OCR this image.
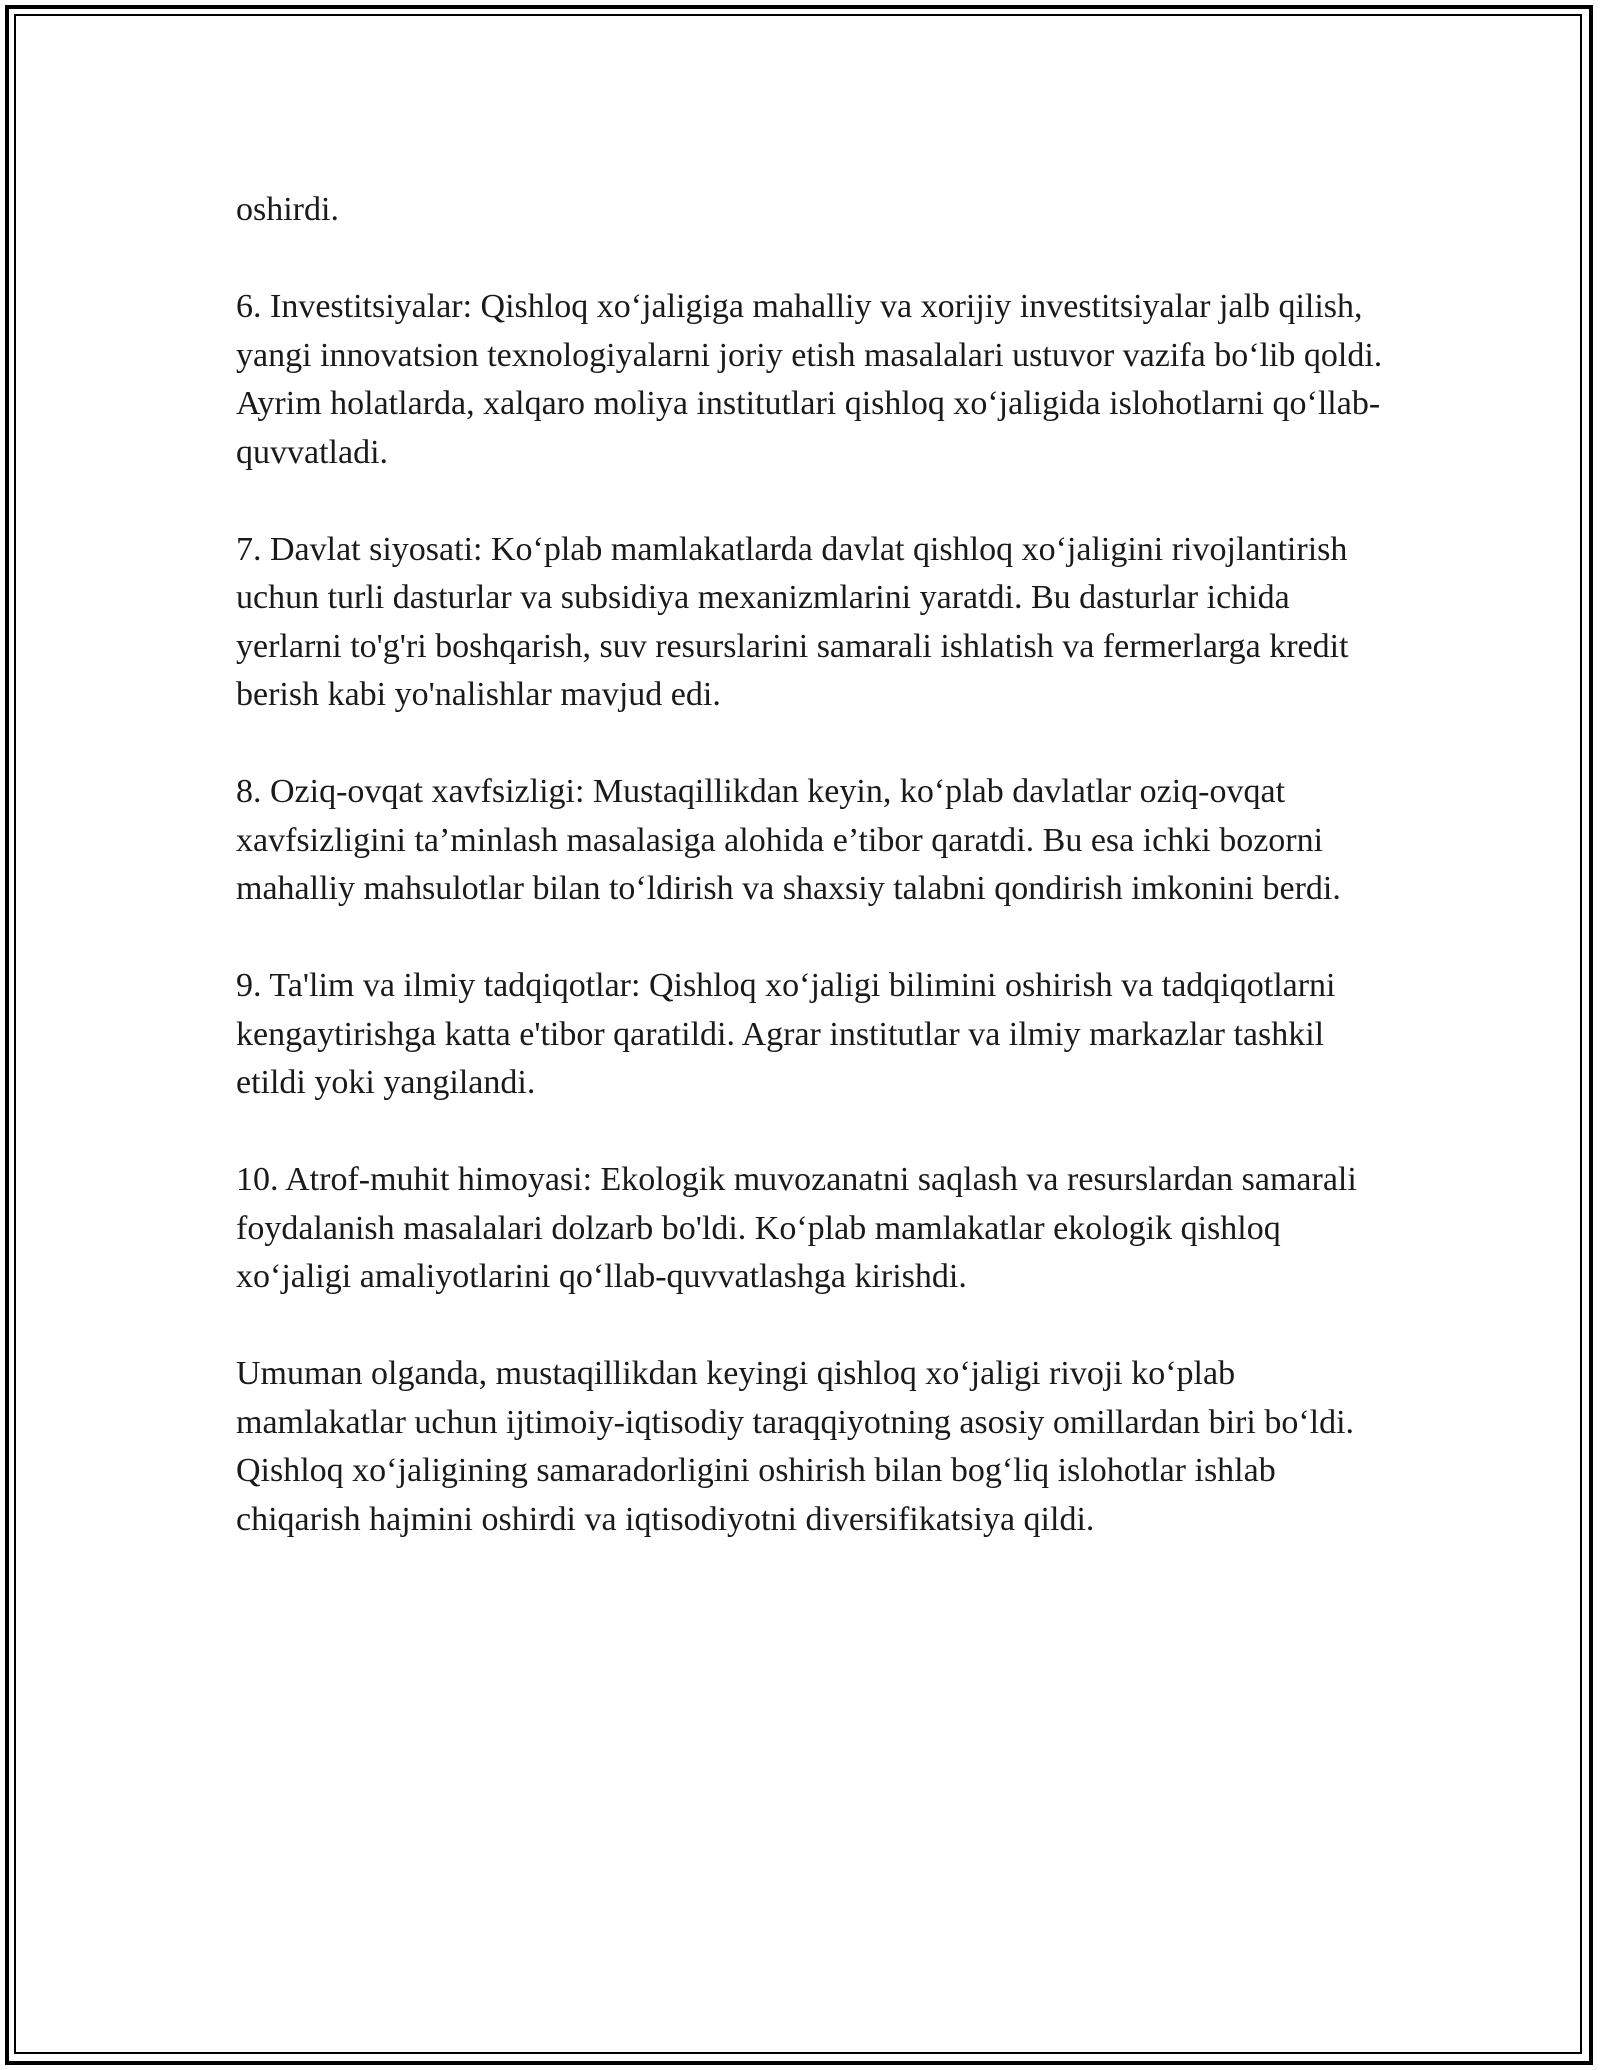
oshirdi.

6. Investitsiyalar: Qishloq xo‘jaligiga mahalliy va xorijiy investitsiyalar jalb qilish, yangi innovatsion texnologiyalarni joriy etish masalalari ustuvor vazifa bo‘lib qoldi. Ayrim holatlarda, xalqaro moliya institutlari qishloq xo‘jaligida islohotlarni qo‘llab-quvvatladi.

7. Davlat siyosati: Ko‘plab mamlakatlarda davlat qishloq xo‘jaligini rivojlantirish uchun turli dasturlar va subsidiya mexanizmlarini yaratdi. Bu dasturlar ichida yerlarni to'g'ri boshqarish, suv resurslarini samarali ishlatish va fermerlarga kredit berish kabi yo'nalishlar mavjud edi.

8. Oziq-ovqat xavfsizligi: Mustaqillikdan keyin, ko‘plab davlatlar oziq-ovqat xavfsizligini ta’minlash masalasiga alohida e’tibor qaratdi. Bu esa ichki bozorni mahalliy mahsulotlar bilan to‘ldirish va shaxsiy talabni qondirish imkonini berdi.

9. Ta'lim va ilmiy tadqiqotlar: Qishloq xo‘jaligi bilimini oshirish va tadqiqotlarni kengaytirishga katta e'tibor qaratildi. Agrar institutlar va ilmiy markazlar tashkil etildi yoki yangilandi.

10. Atrof-muhit himoyasi: Ekologik muvozanatni saqlash va resurslardan samarali foydalanish masalalari dolzarb bo'ldi. Ko‘plab mamlakatlar ekologik qishloq xo‘jaligi amaliyotlarini qo‘llab-quvvatlashga kirishdi.

Umuman olganda, mustaqillikdan keyingi qishloq xo‘jaligi rivoji ko‘plab mamlakatlar uchun ijtimoiy-iqtisodiy taraqqiyotning asosiy omillardan biri bo‘ldi. Qishloq xo‘jaligining samaradorligini oshirish bilan bog‘liq islohotlar ishlab chiqarish hajmini oshirdi va iqtisodiyotni diversifikatsiya qildi.
